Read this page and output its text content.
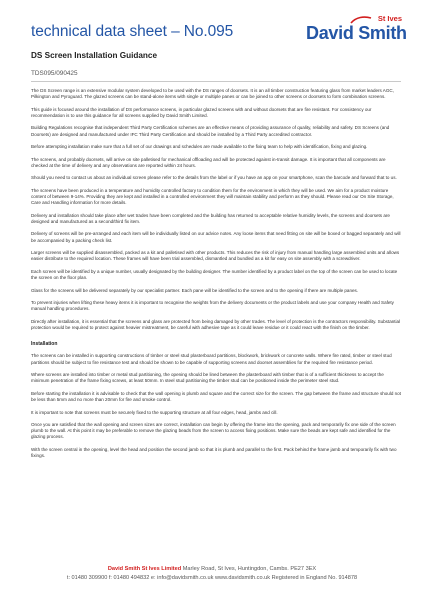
technical data sheet – No.095
St Ives
David Smith
DS Screen Installation Guidance
TDS095/090425

The DS Screen range is an extensive modular system developed to be used with the DS ranges of doorsets. It is an all timber construction featuring glass from market leaders AGC, Pilkington and Pyroguard. The glazed screens can be stand-alone items with single or multiple panes or can be joined to other screens or doorsets to form combination screens.

This guide is focused around the installation of DS performance screens, in particular glazed screens with and without doorsets that are fire resistant. For consistency our recommendation is to use this guidance for all screens supplied by David Smith Limited.

Building Regulations recognise that independent Third Party Certification schemes are an effective means of providing assurance of quality, reliability and safety. DS Screens (and Doorsets) are designed and manufactured under IFC Third Party Certification and should be installed by a Third Party accredited contractor.

Before attempting installation make sure that a full set of our drawings and schedules are made available to the fixing team to help with identification, fixing and glazing.

The screens, and probably doorsets, will arrive on site palletised for mechanical offloading and will be protected against in-transit damage. It is important that all components are checked at the time of delivery and any observations are reported within 24 hours.

Should you need to contact us about an individual screen please refer to the details from the label or if you have an app on your smartphone, scan the barcode and forward that to us.

The screens have been produced in a temperature and humidity controlled factory to condition them for the environment in which they will be used. We aim for a product moisture content of between 9-14%. Providing they are kept and installed in a controlled environment they will maintain stability and perform as they should. Please read our On Site Storage, Care and Handling information for more details.

Delivery and installation should take place after wet trades have been completed and the building has returned to acceptable relative humidity levels, the screens and doorsets are designed and manufactured as a second/third fix item.

Delivery of screens will be pre-arranged and each item will be individually listed on our advice notes. Any loose items that need fitting on site will be boxed or bagged separately and will be accompanied by a packing check list.

Larger screens will be supplied disassembled, packed as a kit and palletised with other products. This reduces the risk of injury from manual handling large assembled units and allows easier distribute to the required location. These frames will have been trial assembled, dismantled and bundled as a kit for easy on site assembly with a screwdriver.

Each screen will be identified by a unique number, usually designated by the building designer. The number identified by a product label on the top of the screen can be used to locate the screen on the floor plan.

Glass for the screens will be delivered separately by our specialist partner. Each pane will be identified to the screen and to the opening if there are multiple panes.

To prevent injuries when lifting these heavy items it is important to recognise the weights from the delivery documents or the product labels and use your company Health and Safety manual handling procedures.

Directly after installation, it is essential that the screens and glass are protected from being damaged by other trades. The level of protection is the contractors responsibility. Substantial protection would be required to protect against heavier mistreatment, be careful with adhesive tape as it could leave residue or it could react with the finish on the timber.

Installation

The screens can be installed in supporting constructions of timber or steel stud plasterboard partitions, blockwork, brickwork or concrete walls. Where fire rated, timber or steel stud partitions should be subject to fire resistance test and should be shown to be capable of supporting screens and doorset assemblies for the required fire resistance period.

Where screens are installed into timber or metal stud partitioning, the opening should be lined between the plasterboard with timber that is of a sufficient thickness to accept the minimum penetration of the frame fixing screws, at least 50mm. In steel stud partitioning the timber stud can be positioned inside the perimeter steel stud.

Before starting the installation it is advisable to check that the wall opening is plumb and square and the correct size for the screen. The gap between the frame and structure should not be less than 5mm and no more than 20mm for fire and smoke control.

It is important to note that screens must be securely fixed to the supporting structure at all four edges, head, jambs and cill.

Once you are satisfied that the wall opening and screen sizes are correct, installation can begin by offering the frame into the opening, pack and temporarily fix one side of the screen plumb to the wall. At this point it may be preferable to remove the glazing beads from the screen to access fixing positions. Make sure the beads are kept safe and identified for the glazing process.

With the screen central in the opening, level the head and position the second jamb so that it is plumb and parallel to the first. Pack behind the frame jamb and temporarily fix with two fixings.

David Smith St Ives Limited Marley Road, St Ives, Huntingdon, Cambs. PE27 3EX
t: 01480 309900 f: 01480 494832 e: info@davidsmith.co.uk www.davidsmith.co.uk Registered in England No. 914878
